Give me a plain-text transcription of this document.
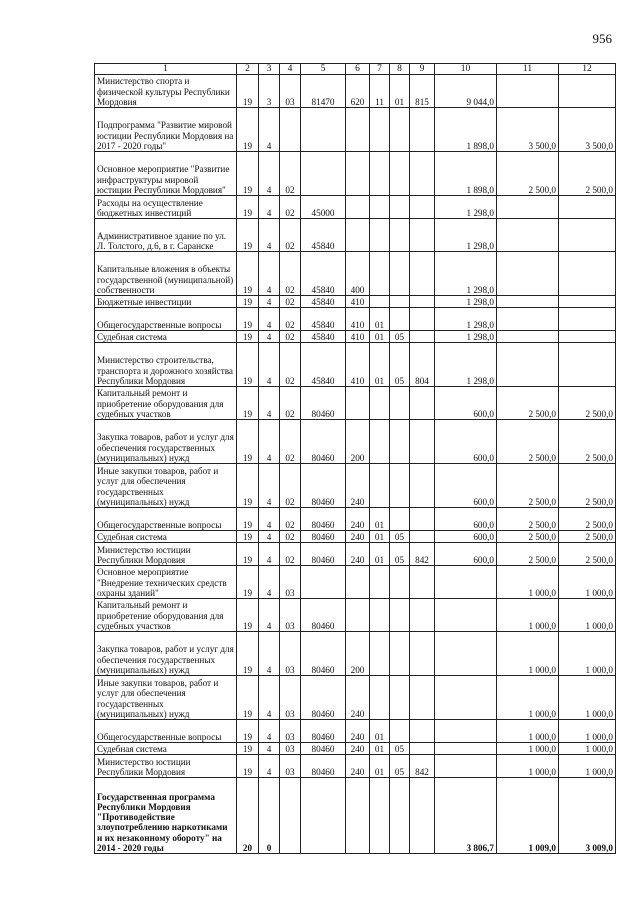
956
1	2	3	4	5	6	7	8	9	10	11	12
Министерство спорта и физической культуры Республики Мордовия	19	3	03	81470	620	11	01	815	9 044,0		
Подпрограмма "Развитие мировой юстиции Республики Мордовия на 2017 - 2020 годы"	19	4							1 898,0	3 500,0	3 500,0
Основное мероприятие "Развитие инфраструктуры мировой юстиции Республики Мордовия"	19	4	02						1 898,0	2 500,0	2 500,0
Расходы на осуществление бюджетных инвестиций	19	4	02	45000					1 298,0		
Административное здание по ул. Л. Толстого, д.6, в г. Саранске	19	4	02	45840					1 298,0		
Капитальные вложения в объекты государственной (муниципальной) собственности	19	4	02	45840	400				1 298,0		
Бюджетные инвестиции	19	4	02	45840	410				1 298,0		
Общегосударственные вопросы	19	4	02	45840	410	01			1 298,0		
Судебная система	19	4	02	45840	410	01	05		1 298,0		
Министерство строительства, транспорта и дорожного хозяйства Республики Мордовия	19	4	02	45840	410	01	05	804	1 298,0		
Капитальный ремонт и приобретение оборудования для судебных участков	19	4	02	80460					600,0	2 500,0	2 500,0
Закупка товаров, работ и услуг для обеспечения государственных (муниципальных) нужд	19	4	02	80460	200				600,0	2 500,0	2 500,0
Иные закупки товаров, работ и услуг для обеспечения государственных (муниципальных) нужд	19	4	02	80460	240				600,0	2 500,0	2 500,0
Общегосударственные вопросы	19	4	02	80460	240	01			600,0	2 500,0	2 500,0
Судебная система	19	4	02	80460	240	01	05		600,0	2 500,0	2 500,0
Министерство юстиции Республики Мордовия	19	4	02	80460	240	01	05	842	600,0	2 500,0	2 500,0
Основное мероприятие "Внедрение технических средств охраны зданий"	19	4	03							1 000,0	1 000,0
Капитальный ремонт и приобретение оборудования для судебных участков	19	4	03	80460						1 000,0	1 000,0
Закупка товаров, работ и услуг для обеспечения государственных (муниципальных) нужд	19	4	03	80460	200					1 000,0	1 000,0
Иные закупки товаров, работ и услуг для обеспечения государственных (муниципальных) нужд	19	4	03	80460	240					1 000,0	1 000,0
Общегосударственные вопросы	19	4	03	80460	240	01				1 000,0	1 000,0
Судебная система	19	4	03	80460	240	01	05			1 000,0	1 000,0
Министерство юстиции Республики Мордовия	19	4	03	80460	240	01	05	842		1 000,0	1 000,0
Государственная программа Республики Мордовия "Противодействие злоупотреблению наркотиками и их незаконному обороту" на 2014 - 2020 годы	20	0							3 806,7	1 009,0	3 009,0
